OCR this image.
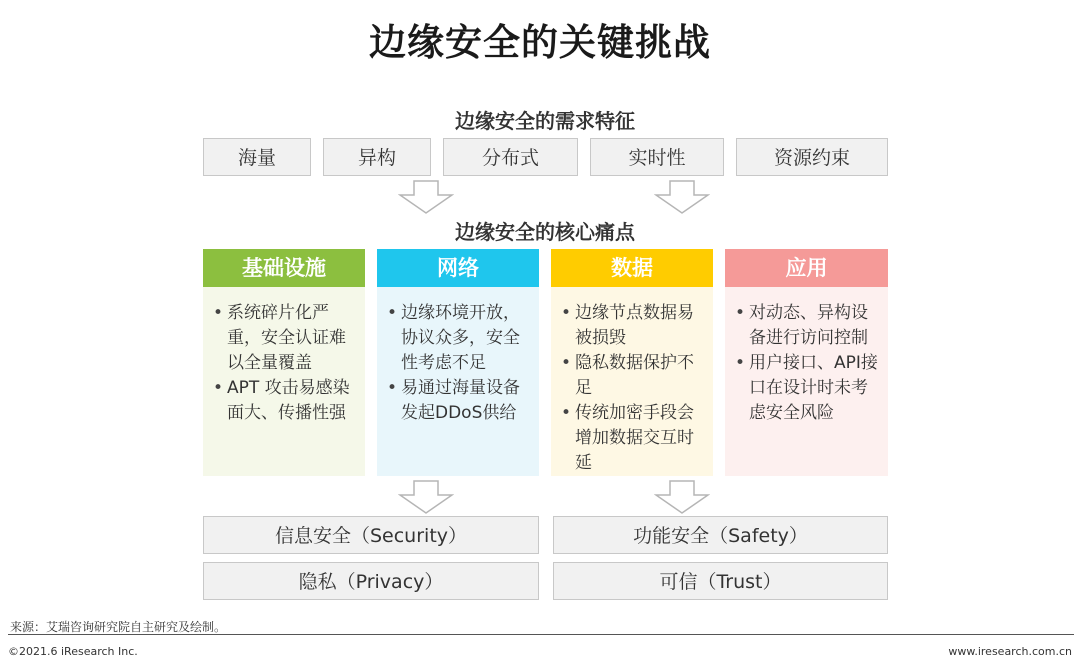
边缘安全的关键挑战
边缘安全的需求特征
海量	异构	分布式	实时性	资源约束
边缘安全的核心痛点
基础设施
• 系统碎片化严重，安全认证难以全量覆盖
• APT 攻击易感染面大、传播性强
网络
• 边缘环境开放，协议众多，安全性考虑不足
• 易通过海量设备发起DDoS供给
数据
• 边缘节点数据易被损毁
• 隐私数据保护不足
• 传统加密手段会增加数据交互时延
应用
• 对动态、异构设备进行访问控制
• 用户接口、API接口在设计时未考虑安全风险
信息安全（Security）	功能安全（Safety）
隐私（Privacy）	可信（Trust）
来源：艾瑞咨询研究院自主研究及绘制。
©2021.6 iResearch Inc.	www.iresearch.com.cn
